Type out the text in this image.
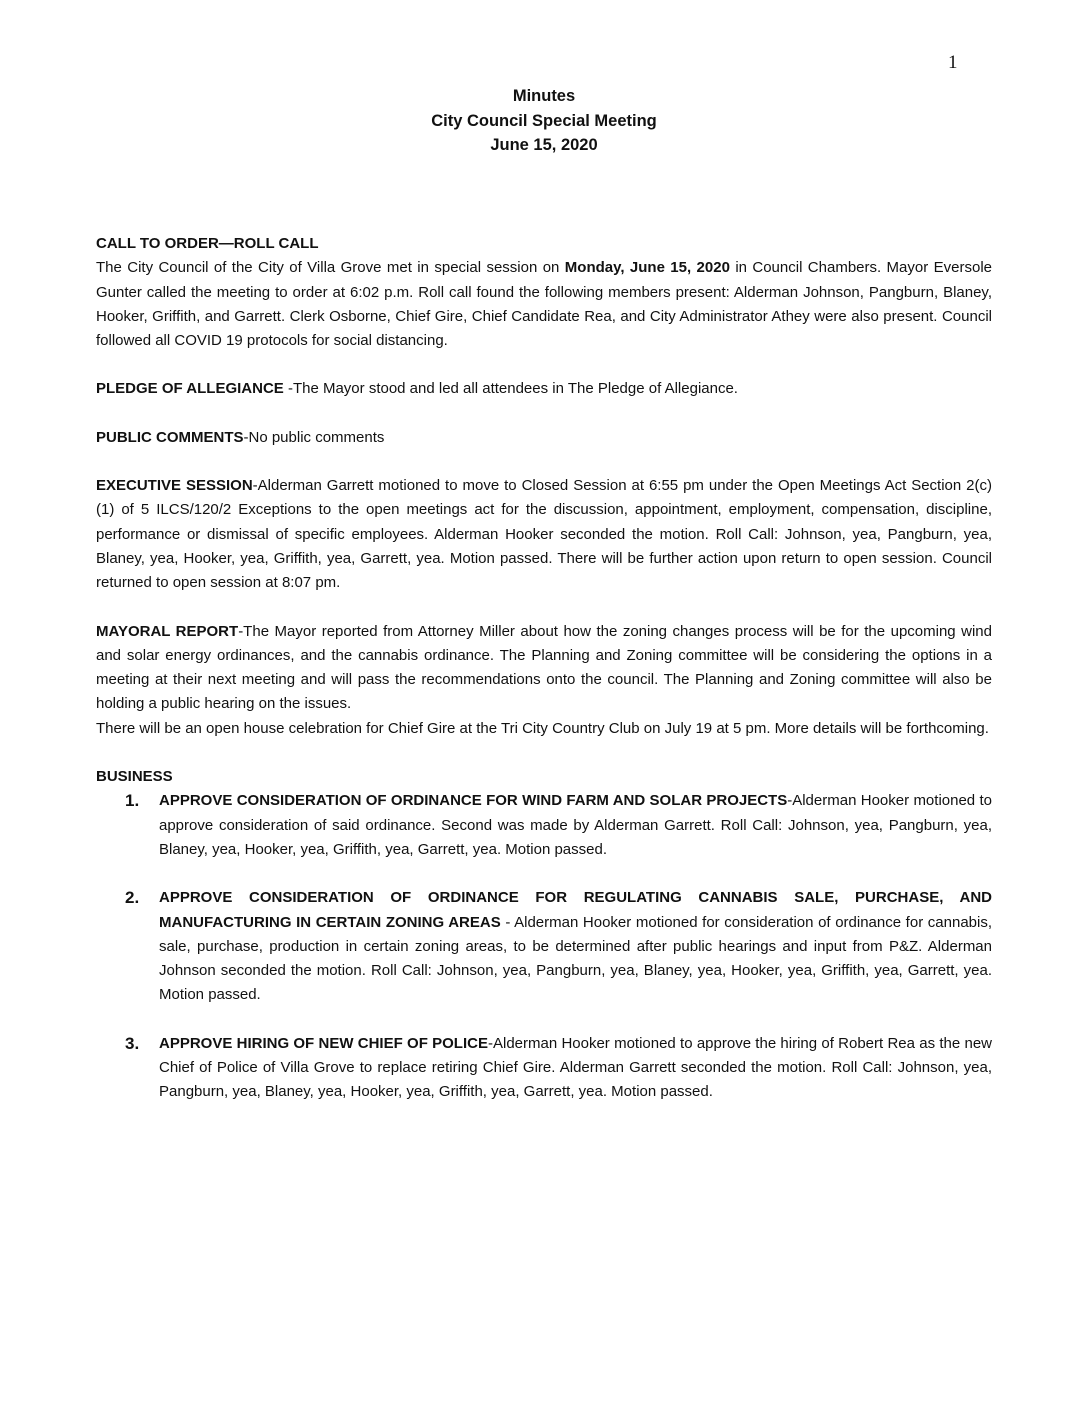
1
Minutes
City Council Special Meeting
June 15, 2020
CALL TO ORDER—ROLL CALL
The City Council of the City of Villa Grove met in special session on Monday, June 15, 2020 in Council Chambers. Mayor Eversole Gunter called the meeting to order at 6:02 p.m. Roll call found the following members present: Alderman Johnson, Pangburn, Blaney, Hooker, Griffith, and Garrett. Clerk Osborne, Chief Gire, Chief Candidate Rea, and City Administrator Athey were also present. Council followed all COVID 19 protocols for social distancing.
PLEDGE OF ALLEGIANCE -The Mayor stood and led all attendees in The Pledge of Allegiance.
PUBLIC COMMENTS-No public comments
EXECUTIVE SESSION-Alderman Garrett motioned to move to Closed Session at 6:55 pm under the Open Meetings Act Section 2(c)(1) of 5 ILCS/120/2 Exceptions to the open meetings act for the discussion, appointment, employment, compensation, discipline, performance or dismissal of specific employees. Alderman Hooker seconded the motion. Roll Call: Johnson, yea, Pangburn, yea, Blaney, yea, Hooker, yea, Griffith, yea, Garrett, yea. Motion passed. There will be further action upon return to open session. Council returned to open session at 8:07 pm.
MAYORAL REPORT-The Mayor reported from Attorney Miller about how the zoning changes process will be for the upcoming wind and solar energy ordinances, and the cannabis ordinance. The Planning and Zoning committee will be considering the options in a meeting at their next meeting and will pass the recommendations onto the council. The Planning and Zoning committee will also be holding a public hearing on the issues.
There will be an open house celebration for Chief Gire at the Tri City Country Club on July 19 at 5 pm. More details will be forthcoming.
BUSINESS
1. APPROVE CONSIDERATION OF ORDINANCE FOR WIND FARM AND SOLAR PROJECTS-Alderman Hooker motioned to approve consideration of said ordinance. Second was made by Alderman Garrett. Roll Call: Johnson, yea, Pangburn, yea, Blaney, yea, Hooker, yea, Griffith, yea, Garrett, yea. Motion passed.
2. APPROVE CONSIDERATION OF ORDINANCE FOR REGULATING CANNABIS SALE, PURCHASE, AND MANUFACTURING IN CERTAIN ZONING AREAS - Alderman Hooker motioned for consideration of ordinance for cannabis, sale, purchase, production in certain zoning areas, to be determined after public hearings and input from P&Z. Alderman Johnson seconded the motion. Roll Call: Johnson, yea, Pangburn, yea, Blaney, yea, Hooker, yea, Griffith, yea, Garrett, yea. Motion passed.
3. APPROVE HIRING OF NEW CHIEF OF POLICE-Alderman Hooker motioned to approve the hiring of Robert Rea as the new Chief of Police of Villa Grove to replace retiring Chief Gire. Alderman Garrett seconded the motion. Roll Call: Johnson, yea, Pangburn, yea, Blaney, yea, Hooker, yea, Griffith, yea, Garrett, yea. Motion passed.
